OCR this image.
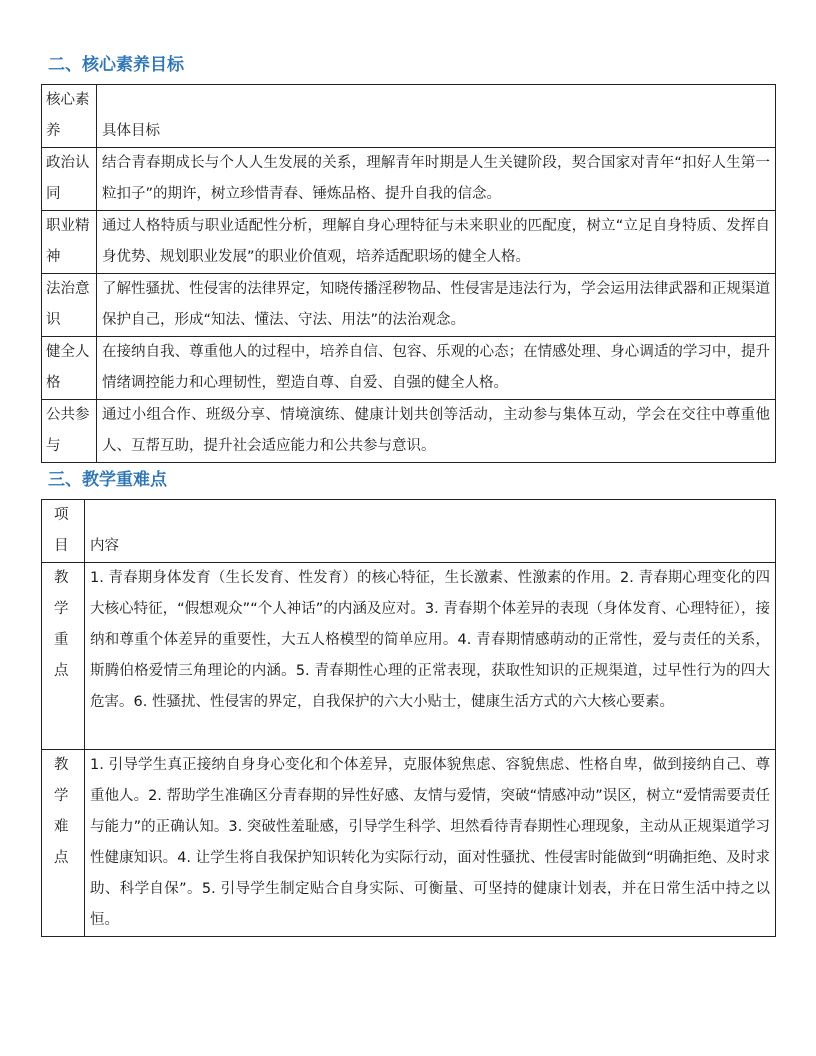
二、核心素养目标
核心素养	具体目标

政治认同	结合青春期成长与个人人生发展的关系，理解青年时期是人生关键阶段，契合国家对青年“扣好人生第一粒扣子”的期许，树立珍惜青春、锤炼品格、提升自我的信念。

职业精神	通过人格特质与职业适配性分析，理解自身心理特征与未来职业的匹配度，树立“立足自身特质、发挥自身优势、规划职业发展”的职业价值观，培养适配职场的健全人格。

法治意识	了解性骚扰、性侵害的法律界定，知晓传播淫秽物品、性侵害是违法行为，学会运用法律武器和正规渠道保护自己，形成“知法、懂法、守法、用法”的法治观念。

健全人格	在接纳自我、尊重他人的过程中，培养自信、包容、乐观的心态；在情感处理、身心调适的学习中，提升情绪调控能力和心理韧性，塑造自尊、自爱、自强的健全人格。

公共参与	通过小组合作、班级分享、情境演练、健康计划共创等活动，主动参与集体互动，学会在交往中尊重他人、互帮互助，提升社会适应能力和公共参与意识。
三、教学重难点
项目	内容

教学重点	1. 青春期身体发育（生长发育、性发育）的核心特征，生长激素、性激素的作用。2. 青春期心理变化的四大核心特征，“假想观众”“个人神话”的内涵及应对。3. 青春期个体差异的表现（身体发育、心理特征），接纳和尊重个体差异的重要性，大五人格模型的简单应用。4. 青春期情感萌动的正常性，爱与责任的关系，斯腾伯格爱情三角理论的内涵。5. 青春期性心理的正常表现，获取性知识的正规渠道，过早性行为的四大危害。6. 性骚扰、性侵害的界定，自我保护的六大小贴士，健康生活方式的六大核心要素。

教学难点	1. 引导学生真正接纳自身身心变化和个体差异，克服体貌焦虑、容貌焦虑、性格自卑，做到接纳自己、尊重他人。2. 帮助学生准确区分青春期的异性好感、友情与爱情，突破“情感冲动”误区，树立“爱情需要责任与能力”的正确认知。3. 突破性羞耻感，引导学生科学、坦然看待青春期性心理现象，主动从正规渠道学习性健康知识。4. 让学生将自我保护知识转化为实际行动，面对性骚扰、性侵害时能做到“明确拒绝、及时求助、科学自保”。5. 引导学生制定贴合自身实际、可衡量、可坚持的健康计划表，并在日常生活中持之以恒。
